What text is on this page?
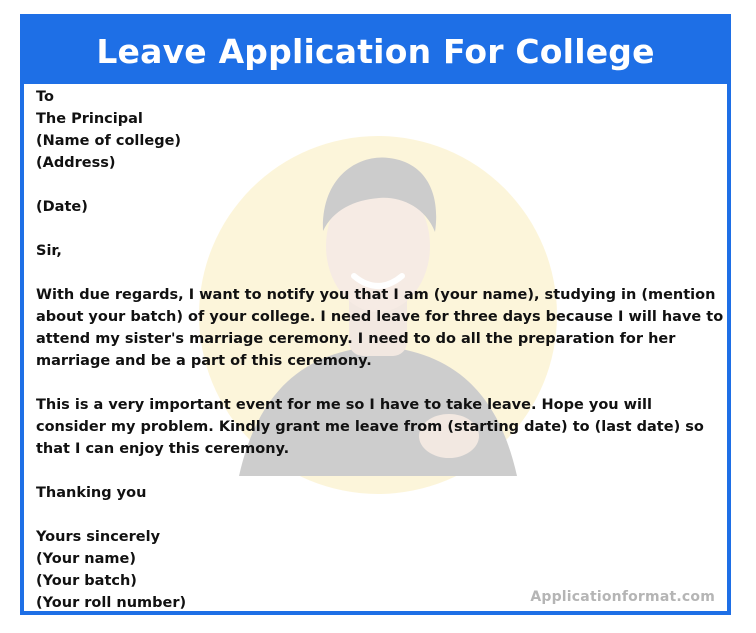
Leave Application For College
To
The Principal
(Name of college)
(Address)
(Date)
Sir,
With due regards, I want to notify you that I am (your name), studying in (mention about your batch) of your college. I need leave for three days because I will have to attend my sister's marriage ceremony. I need to do all the preparation for her marriage and be a part of this ceremony.
This is a very important event for me so I have to take leave. Hope you will consider my problem. Kindly grant me leave from (starting date) to (last date) so that I can enjoy this ceremony.
Thanking you
Yours sincerely
(Your name)
(Your batch)
(Your roll number)	Applicationformat.com
